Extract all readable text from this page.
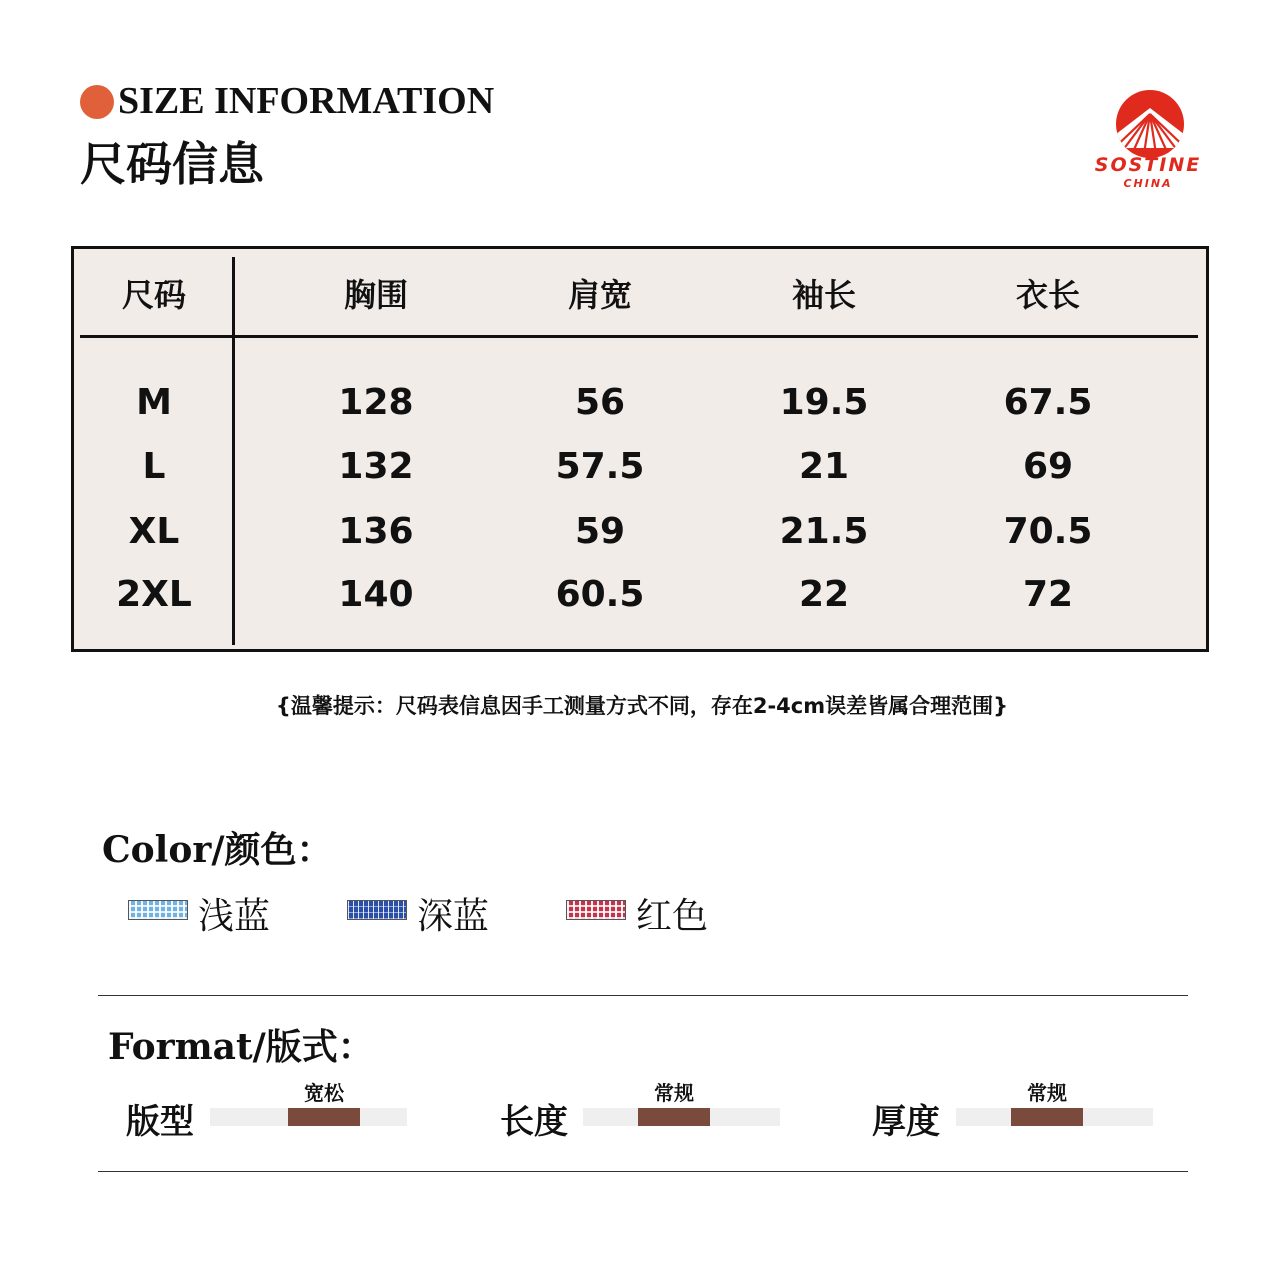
SIZE INFORMATION
尺码信息	SOSTINE
CHINA
尺码	胸围	肩宽	袖长	衣长
M	128	56	19.5	67.5
L	132	57.5	21	69
XL	136	59	21.5	70.5
2XL	140	60.5	22	72
{温馨提示：尺码表信息因手工测量方式不同，存在2-4cm误差皆属合理范围}
Color/颜色：
浅蓝	深蓝	红色
Format/版式：
版型
宽松
长度
常规
厚度
常规
